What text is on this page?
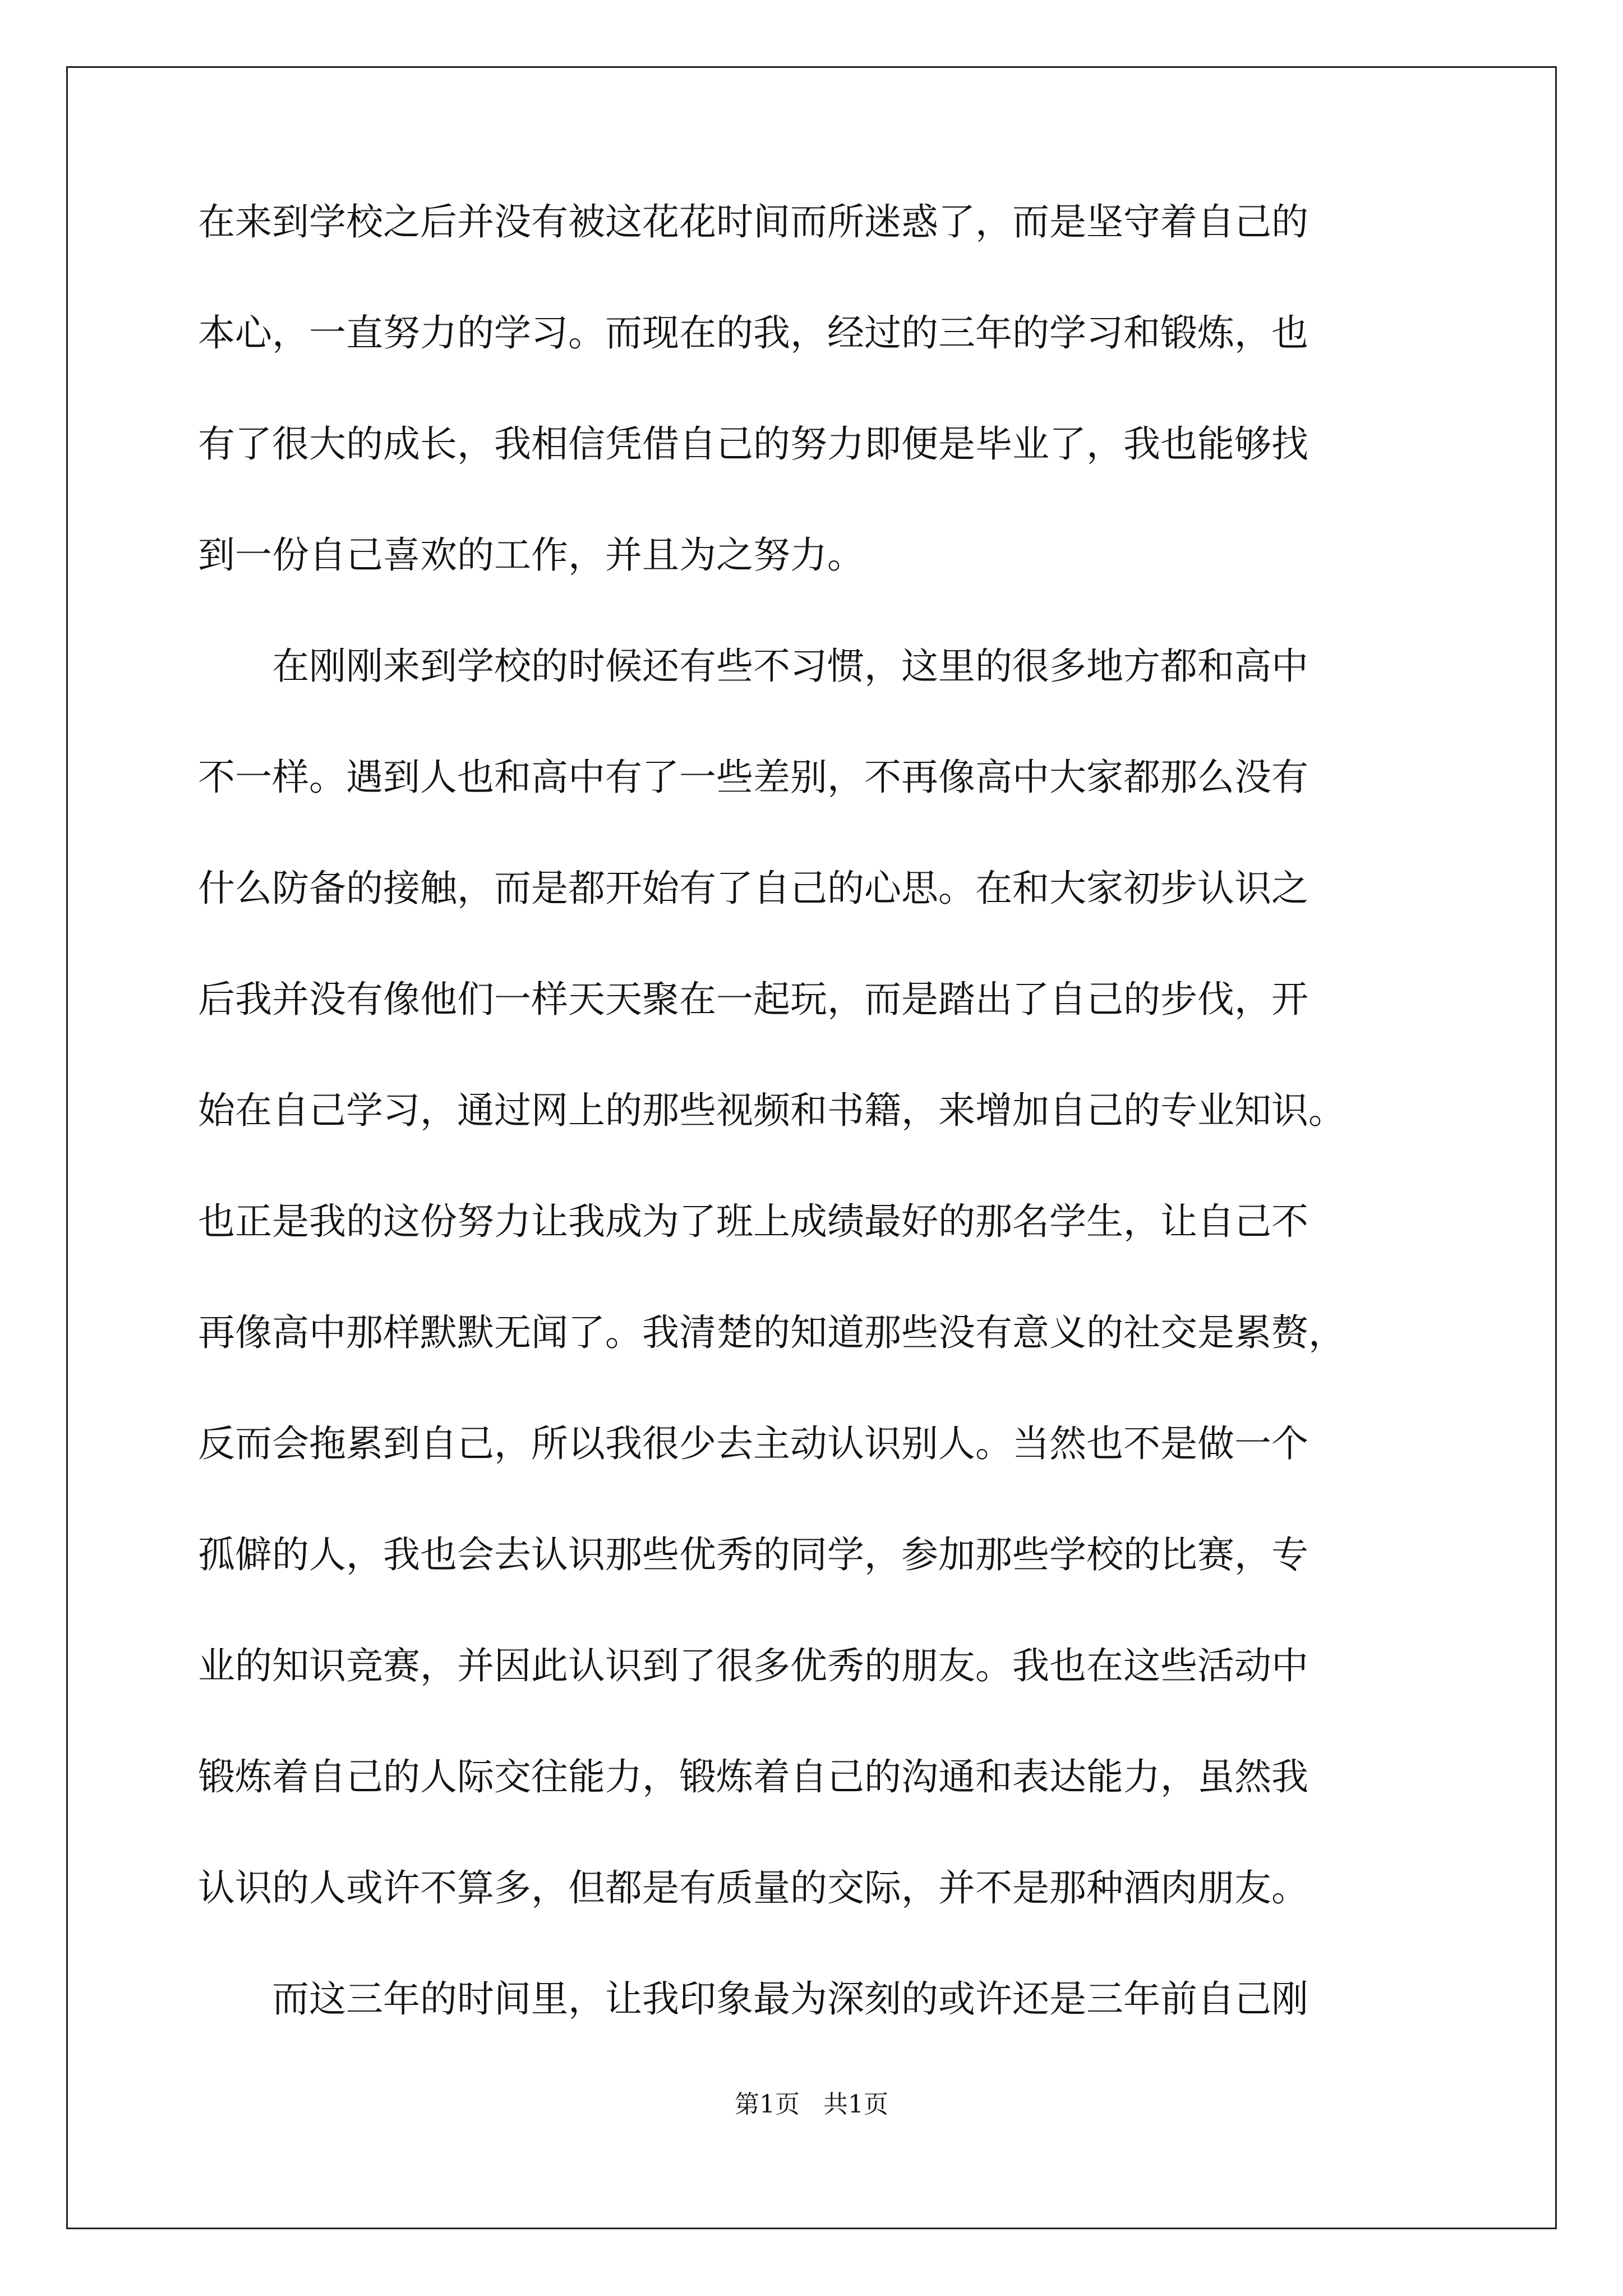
在来到学校之后并没有被这花花时间而所迷惑了，而是坚守着自己的
本心，一直努力的学习。而现在的我，经过的三年的学习和锻炼，也
有了很大的成长，我相信凭借自己的努力即便是毕业了，我也能够找
到一份自己喜欢的工作，并且为之努力。
在刚刚来到学校的时候还有些不习惯，这里的很多地方都和高中
不一样。遇到人也和高中有了一些差别，不再像高中大家都那么没有
什么防备的接触，而是都开始有了自己的心思。在和大家初步认识之
后我并没有像他们一样天天聚在一起玩，而是踏出了自己的步伐，开
始在自己学习，通过网上的那些视频和书籍，来增加自己的专业知识。
也正是我的这份努力让我成为了班上成绩最好的那名学生，让自己不
再像高中那样默默无闻了。我清楚的知道那些没有意义的社交是累赘，
反而会拖累到自己，所以我很少去主动认识别人。当然也不是做一个
孤僻的人，我也会去认识那些优秀的同学，参加那些学校的比赛，专
业的知识竞赛，并因此认识到了很多优秀的朋友。我也在这些活动中
锻炼着自己的人际交往能力，锻炼着自己的沟通和表达能力，虽然我
认识的人或许不算多，但都是有质量的交际，并不是那种酒肉朋友。
而这三年的时间里，让我印象最为深刻的或许还是三年前自己刚
第1页   共1页
